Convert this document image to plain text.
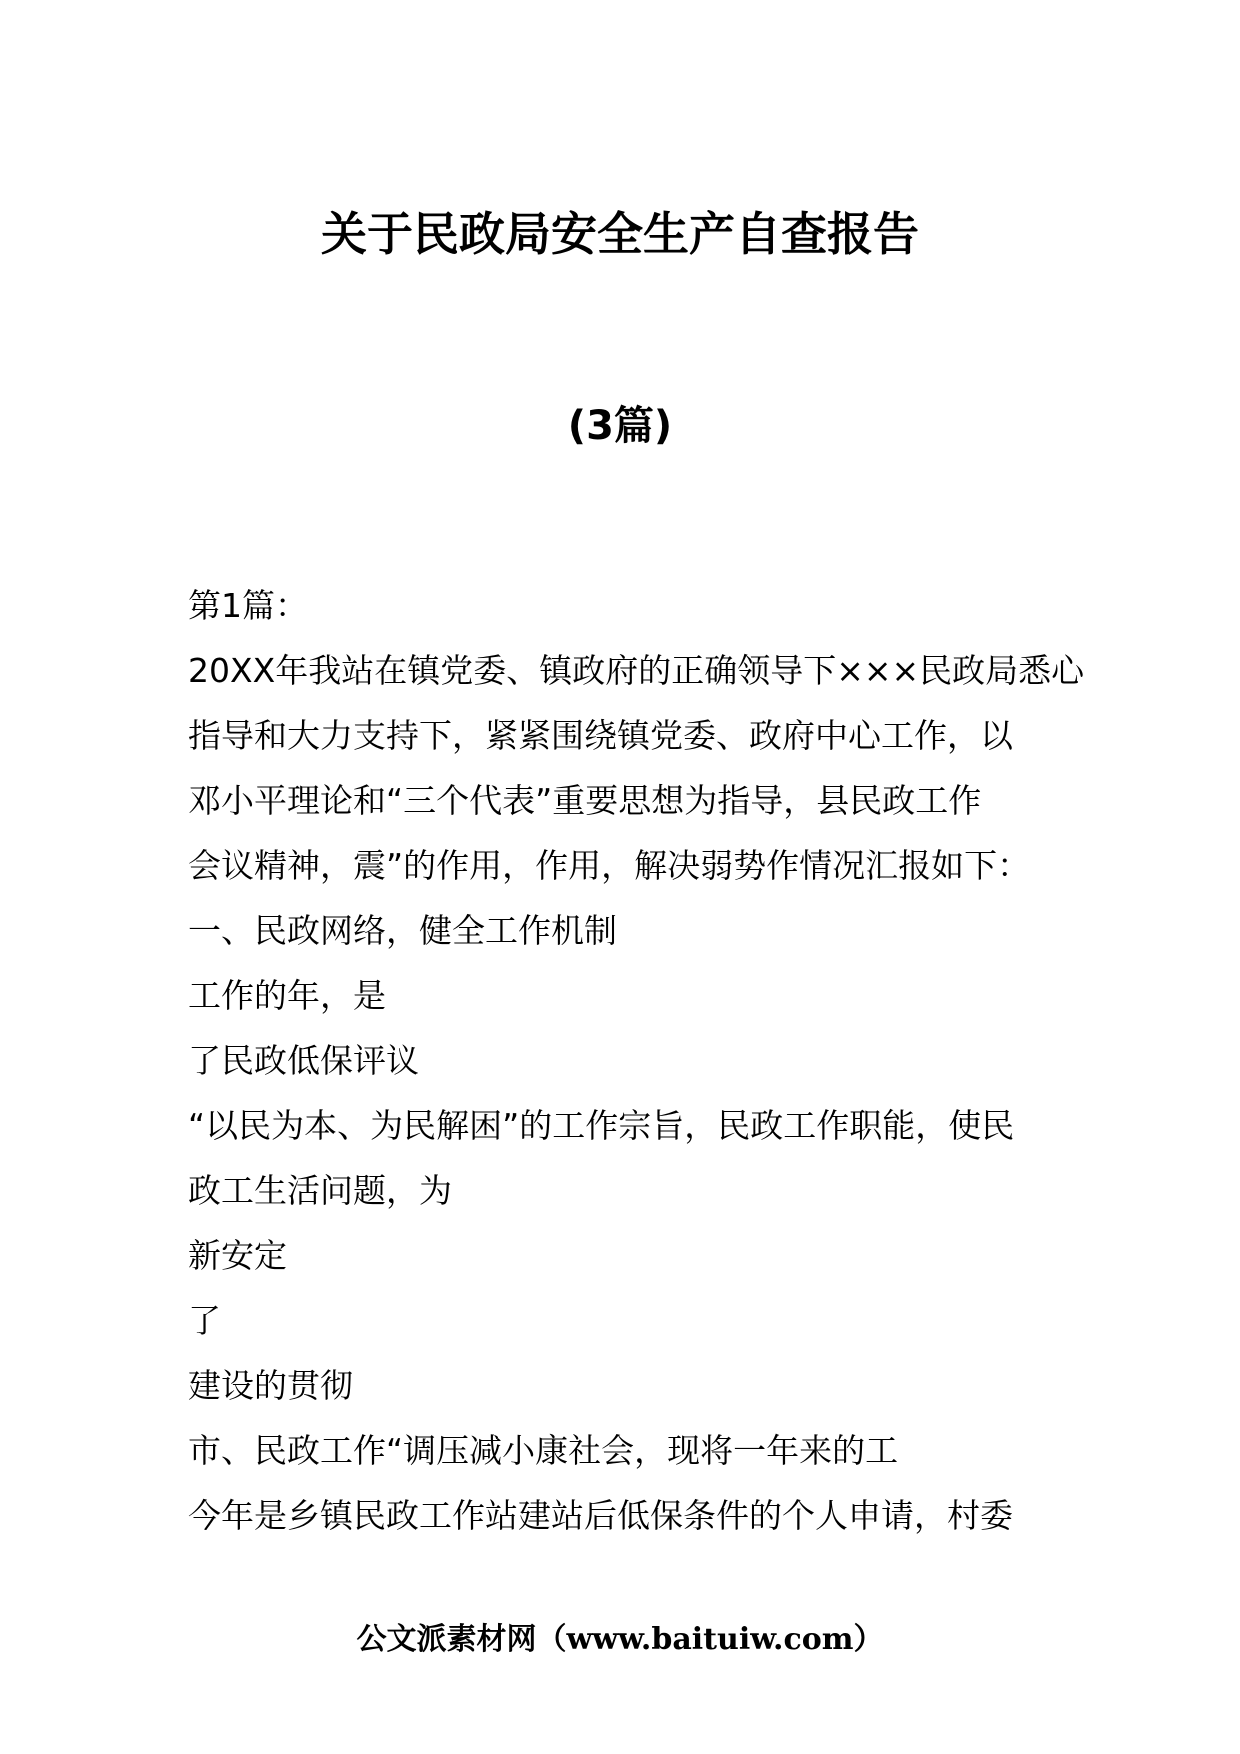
关于民政局安全生产自查报告
(3篇)
第1篇：
20XX年我站在镇党委、镇政府的正确领导下×××民政局悉心
指导和大力支持下，紧紧围绕镇党委、政府中心工作，以
邓小平理论和“三个代表”重要思想为指导，县民政工作
会议精神，震”的作用，作用，解决弱势作情况汇报如下：
一、民政网络，健全工作机制
工作的年，是
了民政低保评议
“以民为本、为民解困”的工作宗旨，民政工作职能，使民
政工生活问题，为
新安定
了
建设的贯彻
市、民政工作“调压减小康社会，现将一年来的工
今年是乡镇民政工作站建站后低保条件的个人申请，村委
公文派素材网（www.baituiw.com）
